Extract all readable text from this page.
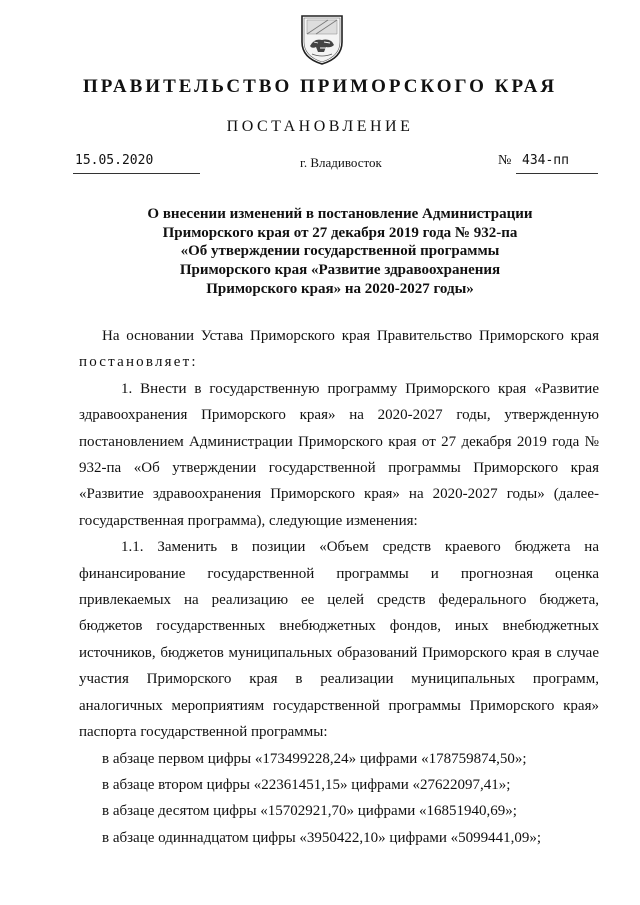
ПРАВИТЕЛЬСТВО ПРИМОРСКОГО КРАЯ
ПОСТАНОВЛЕНИЕ
15.05.2020	г. Владивосток	№ 434-пп
О внесении изменений в постановление Администрации
Приморского края от 27 декабря 2019 года № 932-па
«Об утверждении государственной программы
Приморского края «Развитие здравоохранения
Приморского края» на 2020-2027 годы»

На основании Устава Приморского края Правительство Приморского края постановляет:

1. Внести в государственную программу Приморского края «Развитие здравоохранения Приморского края» на 2020-2027 годы, утвержденную постановлением Администрации Приморского края от 27 декабря 2019 года № 932-па «Об утверждении государственной программы Приморского края «Развитие здравоохранения Приморского края» на 2020-2027 годы» (далее-государственная программа), следующие изменения:

1.1. Заменить в позиции «Объем средств краевого бюджета на финансирование государственной программы и прогнозная оценка привлекаемых на реализацию ее целей средств федерального бюджета, бюджетов государственных внебюджетных фондов, иных внебюджетных источников, бюджетов муниципальных образований Приморского края в случае участия Приморского края в реализации муниципальных программ, аналогичных мероприятиям государственной программы Приморского края» паспорта государственной программы:

в абзаце первом цифры «173499228,24» цифрами «178759874,50»;

в абзаце втором цифры «22361451,15» цифрами «27622097,41»;

в абзаце десятом цифры «15702921,70» цифрами «16851940,69»;

в абзаце одиннадцатом цифры «3950422,10» цифрами «5099441,09»;
